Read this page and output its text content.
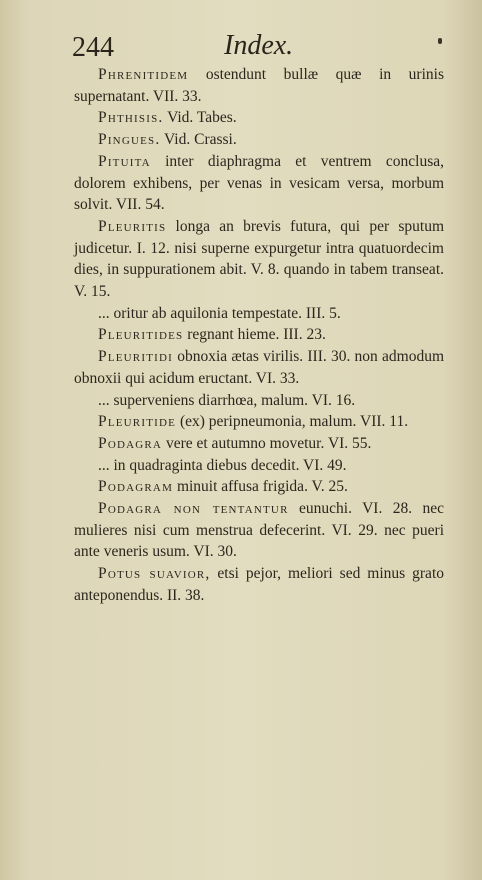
244	Index.

Phrenitidem ostendunt bullæ quæ in urinis supernatant. VII. 33.

Phthisis. Vid. Tabes.

Pingues. Vid. Crassi.

Pituita inter diaphragma et ventrem conclusa, dolorem exhibens, per venas in vesicam versa, morbum solvit. VII. 54.

Pleuritis longa an brevis futura, qui per sputum judicetur. I. 12. nisi superne expurgetur intra quatuordecim dies, in suppurationem abit. V. 8. quando in tabem transeat. V. 15.

... oritur ab aquilonia tempestate. III. 5.

Pleuritides regnant hieme. III. 23.

Pleuritidi obnoxia ætas virilis. III. 30. non admodum obnoxii qui acidum eructant. VI. 33.

... superveniens diarrhœa, malum. VI. 16.

Pleuritide (ex) peripneumonia, malum. VII. 11.

Podagra vere et autumno movetur. VI. 55.

... in quadraginta diebus decedit. VI. 49.

Podagram minuit affusa frigida. V. 25.

Podagra non tentantur eunuchi. VI. 28. nec mulieres nisi cum menstrua defecerint. VI. 29. nec pueri ante veneris usum. VI. 30.

Potus suavior, etsi pejor, meliori sed minus grato anteponendus. II. 38.
